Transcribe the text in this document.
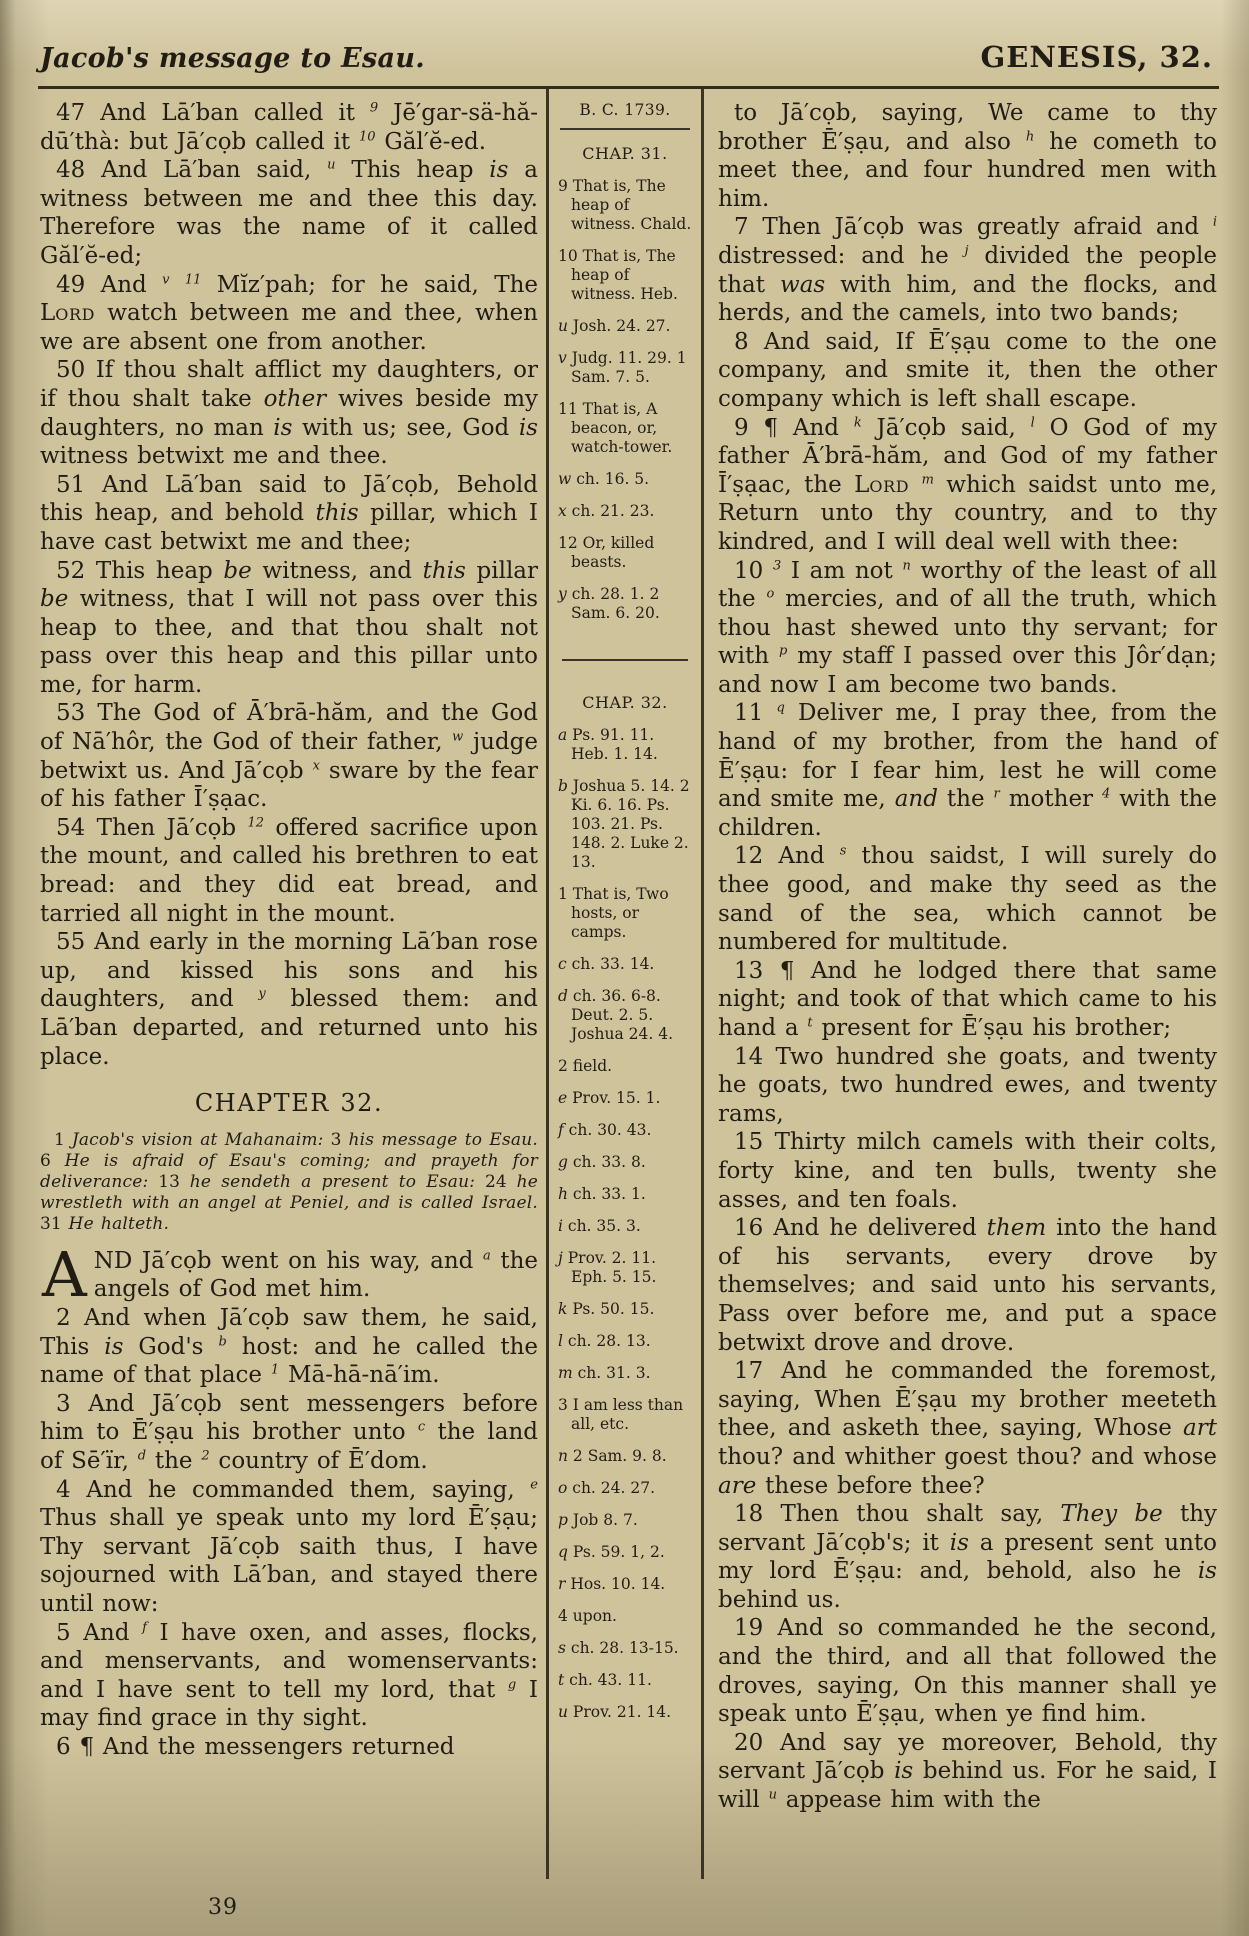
Jacob's message to Esau.	GENESIS, 32.

47 And Lā′ban called it $^9$ Jē′gar-sä-hă-dū′thà: but Jā′cọb called it $^{10}$ Găl′ĕ-ed.

48 And Lā′ban said, $^u$ This heap is a witness between me and thee this day. Therefore was the name of it called Găl′ĕ-ed;

49 And $^v$ $^{11}$ Mĭz′pah; for he said, The Lord watch between me and thee, when we are absent one from another.

50 If thou shalt afflict my daughters, or if thou shalt take other wives beside my daughters, no man is with us; see, God is witness betwixt me and thee.

51 And Lā′ban said to Jā′cọb, Behold this heap, and behold this pillar, which I have cast betwixt me and thee;

52 This heap be witness, and this pillar be witness, that I will not pass over this heap to thee, and that thou shalt not pass over this heap and this pillar unto me, for harm.

53 The God of Ā′brā-hăm, and the God of Nā′hôr, the God of their father, $^w$ judge betwixt us. And Jā′cọb $^x$ sware by the fear of his father Ī′ṣạac.

54 Then Jā′cọb $^{12}$ offered sacrifice upon the mount, and called his brethren to eat bread: and they did eat bread, and tarried all night in the mount.

55 And early in the morning Lā′ban rose up, and kissed his sons and his daughters, and $^y$ blessed them: and Lā′ban departed, and returned unto his place.

CHAPTER 32.

1 Jacob's vision at Mahanaim: 3 his message to Esau. 6 He is afraid of Esau's coming; and prayeth for deliverance: 13 he sendeth a present to Esau: 24 he wrestleth with an angel at Peniel, and is called Israel. 31 He halteth.

AND Jā′cọb went on his way, and $^a$ the angels of God met him.

2 And when Jā′cọb saw them, he said, This is God's $^b$ host: and he called the name of that place $^1$ Mā-hā-nā′im.

3 And Jā′cọb sent messengers before him to Ē′ṣạu his brother unto $^c$ the land of Sē′ïr, $^d$ the $^2$ country of Ē′dom.

4 And he commanded them, saying, $^e$ Thus shall ye speak unto my lord Ē′ṣạu; Thy servant Jā′cọb saith thus, I have sojourned with Lā′ban, and stayed there until now:

5 And $^f$ I have oxen, and asses, flocks, and menservants, and womenservants: and I have sent to tell my lord, that $^g$ I may find grace in thy sight.

6 ¶ And the messengers returned

B. C. 1739.

CHAP. 31.

9 That is, The heap of witness. Chald.

10 That is, The heap of witness. Heb.

u Josh. 24. 27.

v Judg. 11. 29. 1 Sam. 7. 5.

11 That is, A beacon, or, watch-tower.

w ch. 16. 5.

x ch. 21. 23.

12 Or, killed beasts.

y ch. 28. 1. 2 Sam. 6. 20.

CHAP. 32.

a Ps. 91. 11. Heb. 1. 14.

b Joshua 5. 14. 2 Ki. 6. 16. Ps. 103. 21. Ps. 148. 2. Luke 2. 13.

1 That is, Two hosts, or camps.

c ch. 33. 14.

d ch. 36. 6-8. Deut. 2. 5. Joshua 24. 4.

2 field.

e Prov. 15. 1.

f ch. 30. 43.

g ch. 33. 8.

h ch. 33. 1.

i ch. 35. 3.

j Prov. 2. 11. Eph. 5. 15.

k Ps. 50. 15.

l ch. 28. 13.

m ch. 31. 3.

3 I am less than all, etc.

n 2 Sam. 9. 8.

o ch. 24. 27.

p Job 8. 7.

q Ps. 59. 1, 2.

r Hos. 10. 14.

4 upon.

s ch. 28. 13-15.

t ch. 43. 11.

u Prov. 21. 14.

to Jā′cọb, saying, We came to thy brother Ē′ṣạu, and also $^h$ he cometh to meet thee, and four hundred men with him.

7 Then Jā′cọb was greatly afraid and $^i$ distressed: and he $^j$ divided the people that was with him, and the flocks, and herds, and the camels, into two bands;

8 And said, If Ē′ṣạu come to the one company, and smite it, then the other company which is left shall escape.

9 ¶ And $^k$ Jā′cọb said, $^l$ O God of my father Ā′brā-hăm, and God of my father Ī′ṣạac, the Lord $^m$ which saidst unto me, Return unto thy country, and to thy kindred, and I will deal well with thee:

10 $^3$ I am not $^n$ worthy of the least of all the $^o$ mercies, and of all the truth, which thou hast shewed unto thy servant; for with $^p$ my staff I passed over this Jôr′dạn; and now I am become two bands.

11 $^q$ Deliver me, I pray thee, from the hand of my brother, from the hand of Ē′ṣạu: for I fear him, lest he will come and smite me, and the $^r$ mother $^4$ with the children.

12 And $^s$ thou saidst, I will surely do thee good, and make thy seed as the sand of the sea, which cannot be numbered for multitude.

13 ¶ And he lodged there that same night; and took of that which came to his hand a $^t$ present for Ē′ṣạu his brother;

14 Two hundred she goats, and twenty he goats, two hundred ewes, and twenty rams,

15 Thirty milch camels with their colts, forty kine, and ten bulls, twenty she asses, and ten foals.

16 And he delivered them into the hand of his servants, every drove by themselves; and said unto his servants, Pass over before me, and put a space betwixt drove and drove.

17 And he commanded the foremost, saying, When Ē′ṣạu my brother meeteth thee, and asketh thee, saying, Whose art thou? and whither goest thou? and whose are these before thee?

18 Then thou shalt say, They be thy servant Jā′cọb's; it is a present sent unto my lord Ē′ṣạu: and, behold, also he is behind us.

19 And so commanded he the second, and the third, and all that followed the droves, saying, On this manner shall ye speak unto Ē′ṣạu, when ye find him.

20 And say ye moreover, Behold, thy servant Jā′cọb is behind us. For he said, I will $^u$ appease him with the

39
